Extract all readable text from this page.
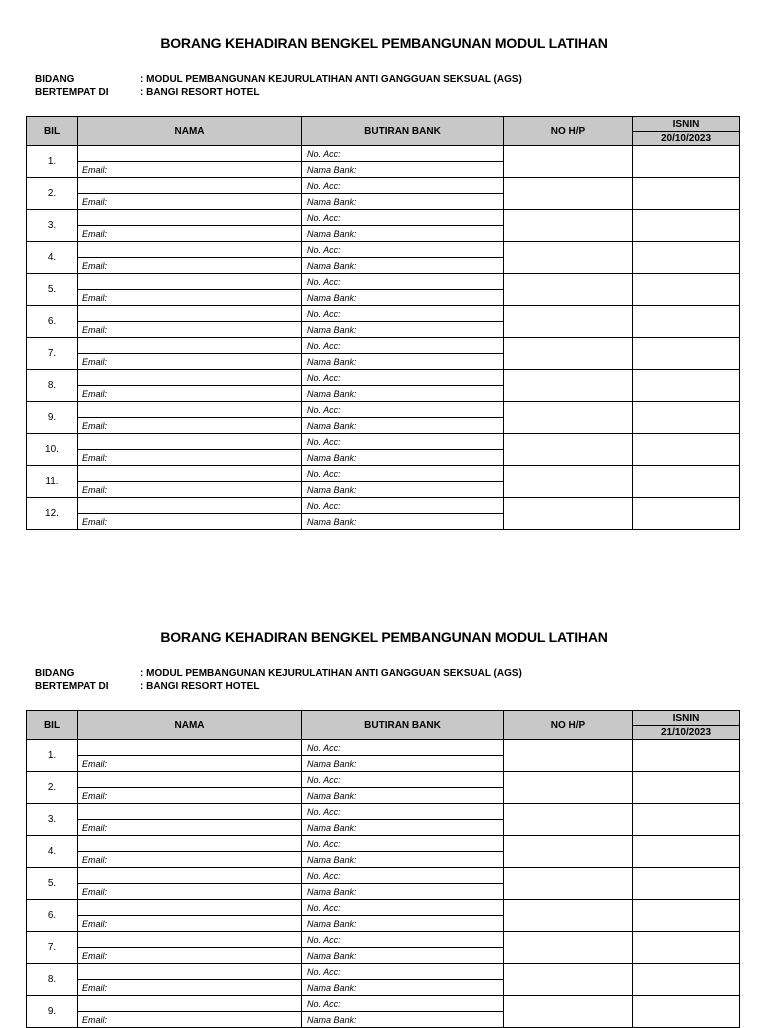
BORANG KEHADIRAN BENGKEL PEMBANGUNAN MODUL LATIHAN
BIDANG	: MODUL PEMBANGUNAN KEJURULATIHAN ANTI GANGGUAN SEKSUAL (AGS)
BERTEMPAT DI	: BANGI RESORT HOTEL
BIL	NAMA	BUTIRAN BANK	NO H/P	ISNIN
				20/10/2023
1.		No. Acc:		
	Email:	Nama Bank:		
2.		No. Acc:		
	Email:	Nama Bank:		
3.		No. Acc:		
	Email:	Nama Bank:		
4.		No. Acc:		
	Email:	Nama Bank:		
5.		No. Acc:		
	Email:	Nama Bank:		
6.		No. Acc:		
	Email:	Nama Bank:		
7.		No. Acc:		
	Email:	Nama Bank:		
8.		No. Acc:		
	Email:	Nama Bank:		
9.		No. Acc:		
	Email:	Nama Bank:		
10.		No. Acc:		
	Email:	Nama Bank:		
11.		No. Acc:		
	Email:	Nama Bank:		
12.		No. Acc:		
	Email:	Nama Bank:		
BORANG KEHADIRAN BENGKEL PEMBANGUNAN MODUL LATIHAN
BIDANG	: MODUL PEMBANGUNAN KEJURULATIHAN ANTI GANGGUAN SEKSUAL (AGS)
BERTEMPAT DI	: BANGI RESORT HOTEL
BIL	NAMA	BUTIRAN BANK	NO H/P	ISNIN
				21/10/2023
1.		No. Acc:		
	Email:	Nama Bank:		
2.		No. Acc:		
	Email:	Nama Bank:		
3.		No. Acc:		
	Email:	Nama Bank:		
4.		No. Acc:		
	Email:	Nama Bank:		
5.		No. Acc:		
	Email:	Nama Bank:		
6.		No. Acc:		
	Email:	Nama Bank:		
7.		No. Acc:		
	Email:	Nama Bank:		
8.		No. Acc:		
	Email:	Nama Bank:		
9.		No. Acc:		
	Email:	Nama Bank:		
